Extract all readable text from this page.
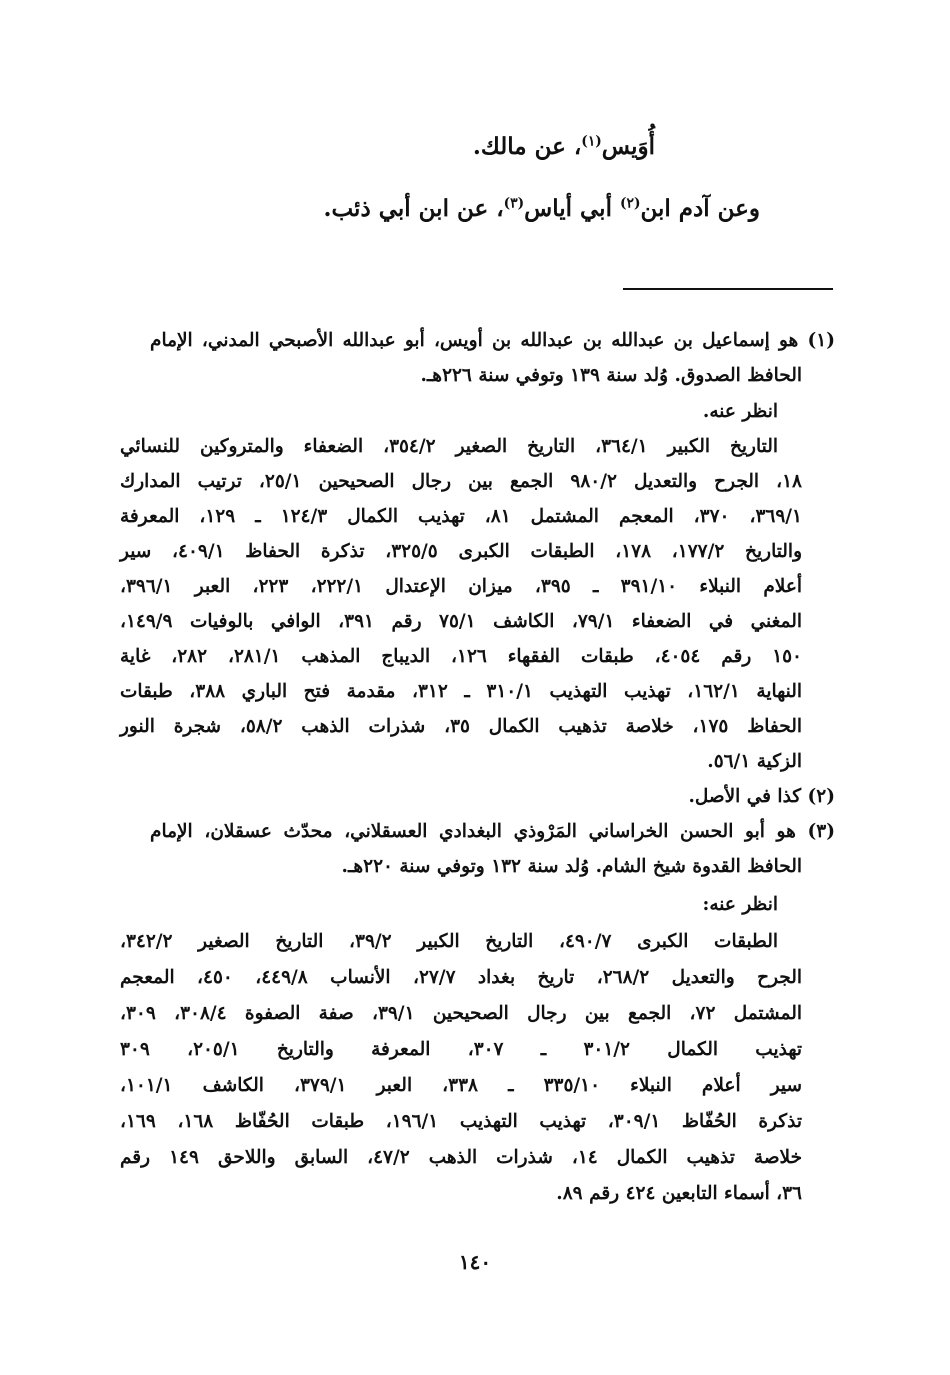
أُوَيس$^{(١)}$، عن مالك.
وعن آدم ابن$^{(٢)}$ أبي أياس$^{(٣)}$، عن ابن أبي ذئب.
(١) هو إسماعيل بن عبدالله بن عبدالله بن أويس، أبو عبدالله الأصبحي المدني، الإمام
الحافظ الصدوق. وُلد سنة ١٣٩ وتوفي سنة ٢٢٦هـ.
انظر عنه.
التاريخ الكبير ٣٦٤/١، التاريخ الصغير ٣٥٤/٢، الضعفاء والمتروكين للنسائي
١٨، الجرح والتعديل ٩٨٠/٢ الجمع بين رجال الصحيحين ٢٥/١، ترتيب المدارك
٣٦٩/١، ٣٧٠، المعجم المشتمل ٨١، تهذيب الكمال ١٢٤/٣ ـ ١٢٩، المعرفة
والتاريخ ١٧٧/٢، ١٧٨، الطبقات الكبرى ٣٢٥/٥، تذكرة الحفاظ ٤٠٩/١، سير
أعلام النبلاء ٣٩١/١٠ ـ ٣٩٥، ميزان الإعتدال ٢٢٢/١، ٢٢٣، العبر ٣٩٦/١،
المغني في الضعفاء ٧٩/١، الكاشف ٧٥/١ رقم ٣٩١، الوافي بالوفيات ١٤٩/٩،
١٥٠ رقم ٤٠٥٤، طبقات الفقهاء ١٢٦، الديباج المذهب ٢٨١/١، ٢٨٢، غاية
النهاية ١٦٢/١، تهذيب التهذيب ٣١٠/١ ـ ٣١٢، مقدمة فتح الباري ٣٨٨، طبقات
الحفاظ ١٧٥، خلاصة تذهيب الكمال ٣٥، شذرات الذهب ٥٨/٢، شجرة النور
الزكية ٥٦/١.
(٢) كذا في الأصل.
(٣) هو أبو الحسن الخراساني المَرْوذي البغدادي العسقلاني، محدّث عسقلان، الإمام
الحافظ القدوة شيخ الشام. وُلد سنة ١٣٢ وتوفي سنة ٢٢٠هـ.
انظر عنه:
الطبقات الكبرى ٤٩٠/٧، التاريخ الكبير ٣٩/٢، التاريخ الصغير ٣٤٢/٢،
الجرح والتعديل ٢٦٨/٢، تاريخ بغداد ٢٧/٧، الأنساب ٤٤٩/٨، ٤٥٠، المعجم
المشتمل ٧٢، الجمع بين رجال الصحيحين ٣٩/١، صفة الصفوة ٣٠٨/٤، ٣٠٩،
تهذيب الكمال ٣٠١/٢ ـ ٣٠٧، المعرفة والتاريخ ٢٠٥/١، ٣٠٩
سير أعلام النبلاء ٣٣٥/١٠ ـ ٣٣٨، العبر ٣٧٩/١، الكاشف ١٠١/١،
تذكرة الحُفّاظ ٣٠٩/١، تهذيب التهذيب ١٩٦/١، طبقات الحُفّاظ ١٦٨، ١٦٩،
خلاصة تذهيب الكمال ١٤، شذرات الذهب ٤٧/٢، السابق واللاحق ١٤٩ رقم
٣٦، أسماء التابعين ٤٢٤ رقم ٨٩.
١٤٠
